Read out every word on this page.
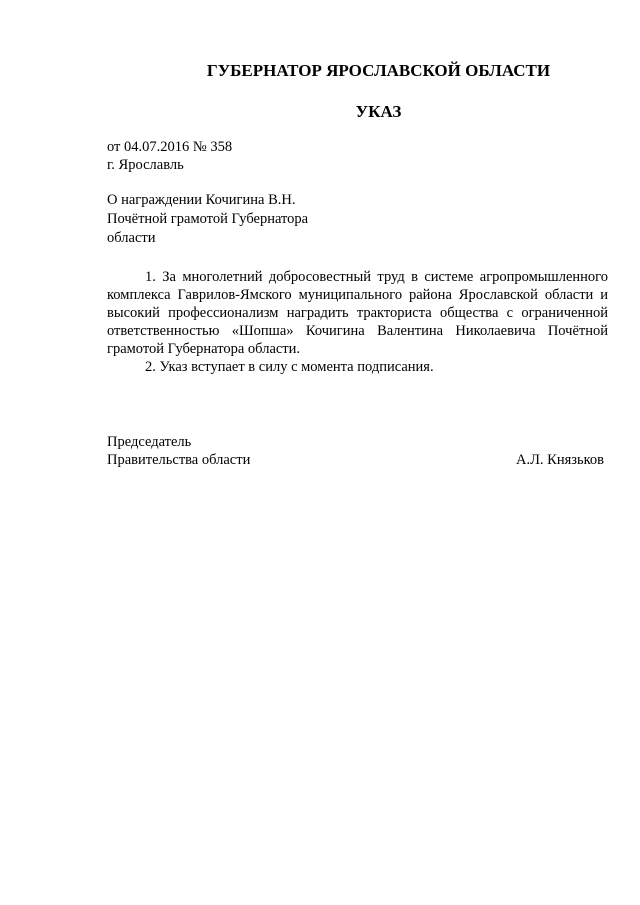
ГУБЕРНАТОР ЯРОСЛАВСКОЙ ОБЛАСТИ
УКАЗ
от 04.07.2016 № 358
г. Ярославль
О награждении Кочигина В.Н.
Почётной грамотой Губернатора
области

1. За многолетний добросовестный труд в системе агропромышленного комплекса Гаврилов-Ямского муниципального района Ярославской области и высокий профессионализм наградить тракториста общества с ограниченной ответственностью «Шопша» Кочигина Валентина Николаевича Почётной грамотой Губернатора области.

2. Указ вступает в силу с момента подписания.

Председатель
Правительства области	А.Л. Князьков
